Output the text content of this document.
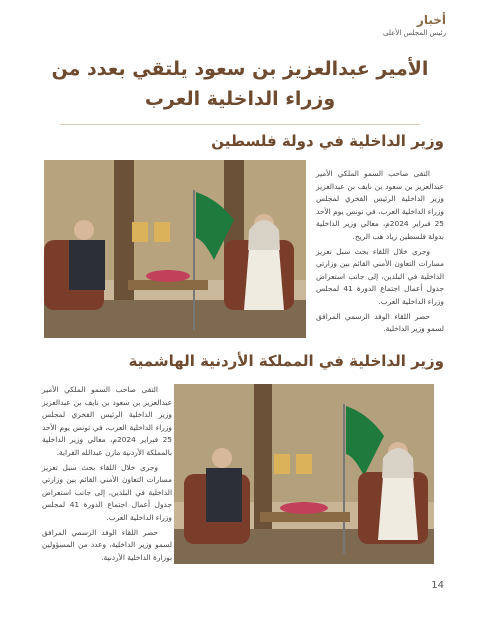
أخبار
رئيس المجلس الأعلى
الأمير عبدالعزيز بن سعود يلتقي بعدد من وزراء الداخلية العرب
وزير الداخلية في دولة فلسطين

التقى صاحب السمو الملكي الأمير عبدالعزيز بن سعود بن نايف بن عبدالعزيز وزير الداخلية الرئيس الفخري لمجلس وزراء الداخلية العرب، في تونس يوم الأحد 25 فبراير 2024م، معالي وزير الداخلية بدولة فلسطين زياد هب الريح.

وجرى خلال اللقاء بحث سبل تعزيز مسارات التعاون الأمني القائم بين وزارتي الداخلية في البلدين، إلى جانب استعراض جدول أعمال اجتماع الدورة 41 لمجلس وزراء الداخلية العرب.

حضر اللقاء الوفد الرسمي المرافق لسمو وزير الداخلية.

وزير الداخلية في المملكة الأردنية الهاشمية

التقى صاحب السمو الملكي الأمير عبدالعزيز بن سعود بن نايف بن عبدالعزيز وزير الداخلية الرئيس الفخري لمجلس وزراء الداخلية العرب، في تونس يوم الأحد 25 فبراير 2024م، معالي وزير الداخلية بالمملكة الأردنية مازن عبدالله الفراية.

وجرى خلال اللقاء بحث سبل تعزيز مسارات التعاون الأمني القائم بين وزارتي الداخلية في البلدين، إلى جانب استعراض جدول أعمال اجتماع الدورة 41 لمجلس وزراء الداخلية العرب.

حضر اللقاء الوفد الرسمي المرافق لسمو وزير الداخلية، وعدد من المسؤولين بوزارة الداخلية الأردنية.

14
